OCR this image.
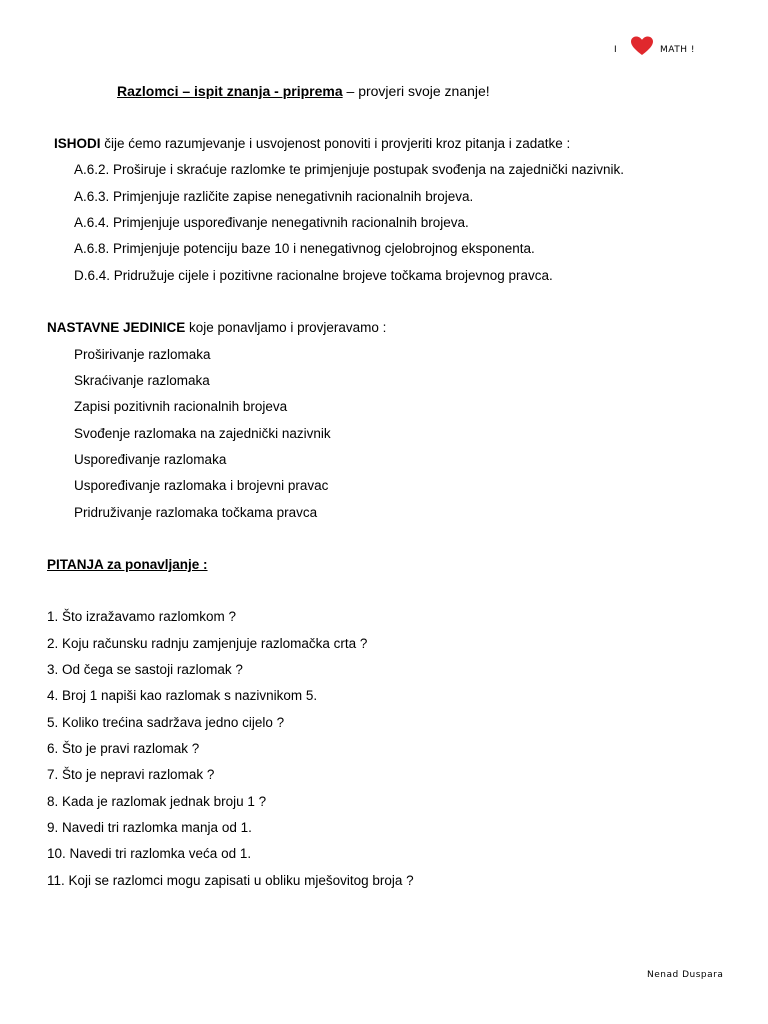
I	MATH !
Razlomci – ispit znanja - priprema – provjeri svoje znanje!
ISHODI čije ćemo razumjevanje i usvojenost ponoviti i provjeriti kroz pitanja i zadatke :
A.6.2. Proširuje i skraćuje razlomke te primjenjuje postupak svođenja na zajednički nazivnik.
A.6.3. Primjenjuje različite zapise nenegativnih racionalnih brojeva.
A.6.4. Primjenjuje uspoređivanje nenegativnih racionalnih brojeva.
A.6.8. Primjenjuje potenciju baze 10 i nenegativnog cjelobrojnog eksponenta.
D.6.4. Pridružuje cijele i pozitivne racionalne brojeve točkama brojevnog pravca.
NASTAVNE JEDINICE koje ponavljamo i provjeravamo :
Proširivanje razlomaka
Skraćivanje razlomaka
Zapisi pozitivnih racionalnih brojeva
Svođenje razlomaka na zajednički nazivnik
Uspoređivanje razlomaka
Uspoređivanje razlomaka i brojevni pravac
Pridruživanje razlomaka točkama pravca
PITANJA za ponavljanje :
1. Što izražavamo razlomkom ?
2. Koju računsku radnju zamjenjuje razlomačka crta ?
3. Od čega se sastoji razlomak ?
4. Broj 1 napiši kao razlomak s nazivnikom 5.
5. Koliko trećina sadržava jedno cijelo ?
6. Što je pravi razlomak ?
7. Što je nepravi razlomak ?
8. Kada je razlomak jednak broju 1 ?
9. Navedi tri razlomka manja od 1.
10. Navedi tri razlomka veća od 1.
11. Koji se razlomci mogu zapisati u obliku mješovitog broja ?
Nenad Duspara
